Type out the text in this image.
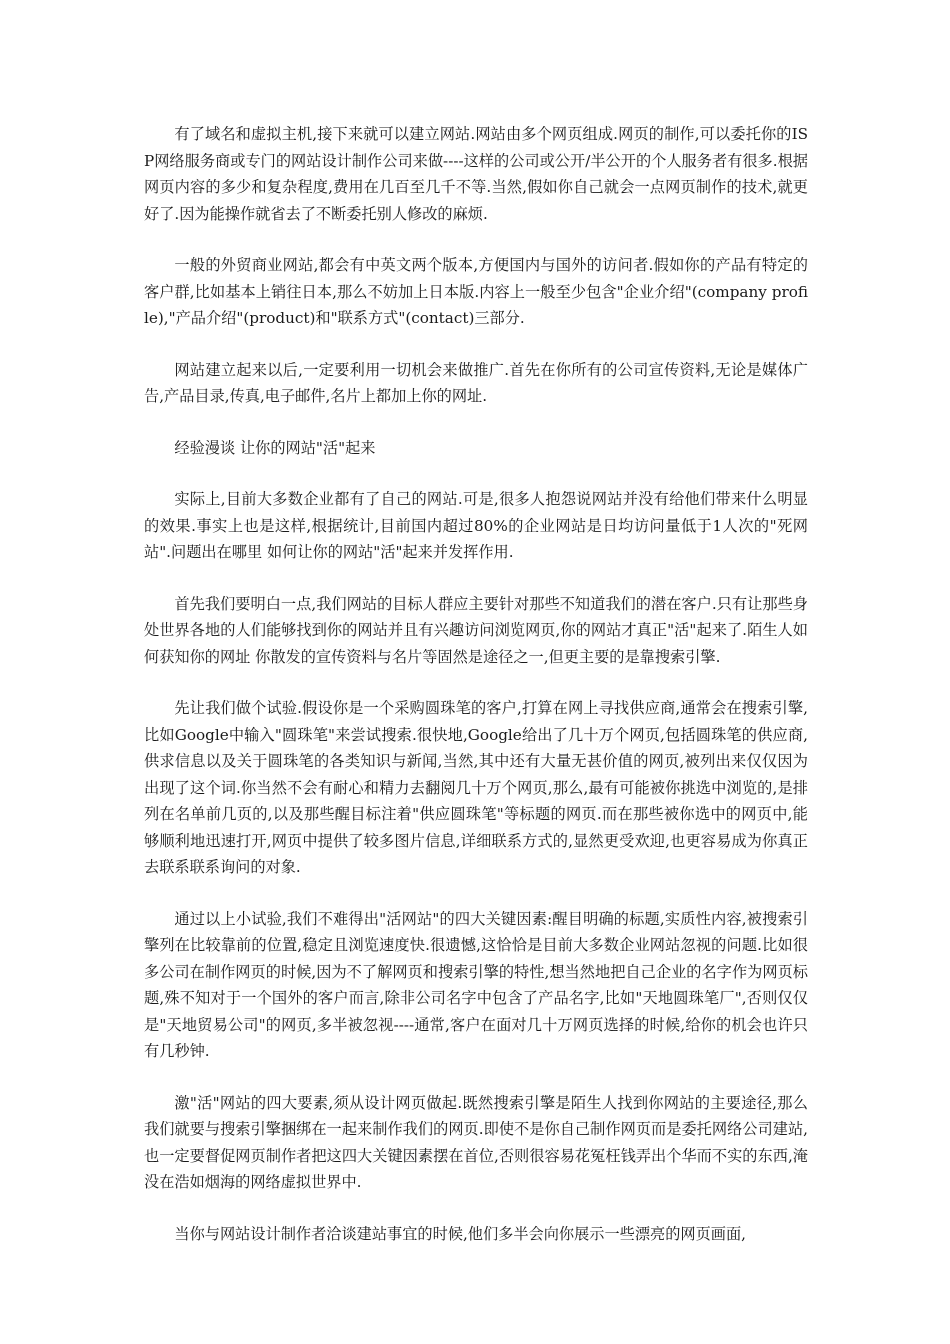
有了域名和虚拟主机,接下来就可以建立网站.网站由多个网页组成.网页的制作,可以委托你的ISP网络服务商或专门的网站设计制作公司来做----这样的公司或公开/半公开的个人服务者有很多.根据网页内容的多少和复杂程度,费用在几百至几千不等.当然,假如你自己就会一点网页制作的技术,就更好了.因为能操作就省去了不断委托别人修改的麻烦.

一般的外贸商业网站,都会有中英文两个版本,方便国内与国外的访问者.假如你的产品有特定的客户群,比如基本上销往日本,那么不妨加上日本版.内容上一般至少包含"企业介绍"(company profile),"产品介绍"(product)和"联系方式"(contact)三部分.

网站建立起来以后,一定要利用一切机会来做推广.首先在你所有的公司宣传资料,无论是媒体广告,产品目录,传真,电子邮件,名片上都加上你的网址.

经验漫谈 让你的网站"活"起来

实际上,目前大多数企业都有了自己的网站.可是,很多人抱怨说网站并没有给他们带来什么明显的效果.事实上也是这样,根据统计,目前国内超过80%的企业网站是日均访问量低于1人次的"死网站".问题出在哪里 如何让你的网站"活"起来并发挥作用.

首先我们要明白一点,我们网站的目标人群应主要针对那些不知道我们的潜在客户.只有让那些身处世界各地的人们能够找到你的网站并且有兴趣访问浏览网页,你的网站才真正"活"起来了.陌生人如何获知你的网址 你散发的宣传资料与名片等固然是途径之一,但更主要的是靠搜索引擎.

先让我们做个试验.假设你是一个采购圆珠笔的客户,打算在网上寻找供应商,通常会在搜索引擎,比如Google中输入"圆珠笔"来尝试搜索.很快地,Google给出了几十万个网页,包括圆珠笔的供应商,供求信息以及关于圆珠笔的各类知识与新闻,当然,其中还有大量无甚价值的网页,被列出来仅仅因为出现了这个词.你当然不会有耐心和精力去翻阅几十万个网页,那么,最有可能被你挑选中浏览的,是排列在名单前几页的,以及那些醒目标注着"供应圆珠笔"等标题的网页.而在那些被你选中的网页中,能够顺利地迅速打开,网页中提供了较多图片信息,详细联系方式的,显然更受欢迎,也更容易成为你真正去联系联系询问的对象.

通过以上小试验,我们不难得出"活网站"的四大关键因素:醒目明确的标题,实质性内容,被搜索引擎列在比较靠前的位置,稳定且浏览速度快.很遗憾,这恰恰是目前大多数企业网站忽视的问题.比如很多公司在制作网页的时候,因为不了解网页和搜索引擎的特性,想当然地把自己企业的名字作为网页标题,殊不知对于一个国外的客户而言,除非公司名字中包含了产品名字,比如"天地圆珠笔厂",否则仅仅是"天地贸易公司"的网页,多半被忽视----通常,客户在面对几十万网页选择的时候,给你的机会也许只有几秒钟.

激"活"网站的四大要素,须从设计网页做起.既然搜索引擎是陌生人找到你网站的主要途径,那么我们就要与搜索引擎捆绑在一起来制作我们的网页.即使不是你自己制作网页而是委托网络公司建站,也一定要督促网页制作者把这四大关键因素摆在首位,否则很容易花冤枉钱弄出个华而不实的东西,淹没在浩如烟海的网络虚拟世界中.

当你与网站设计制作者洽谈建站事宜的时候,他们多半会向你展示一些漂亮的网页画面,
